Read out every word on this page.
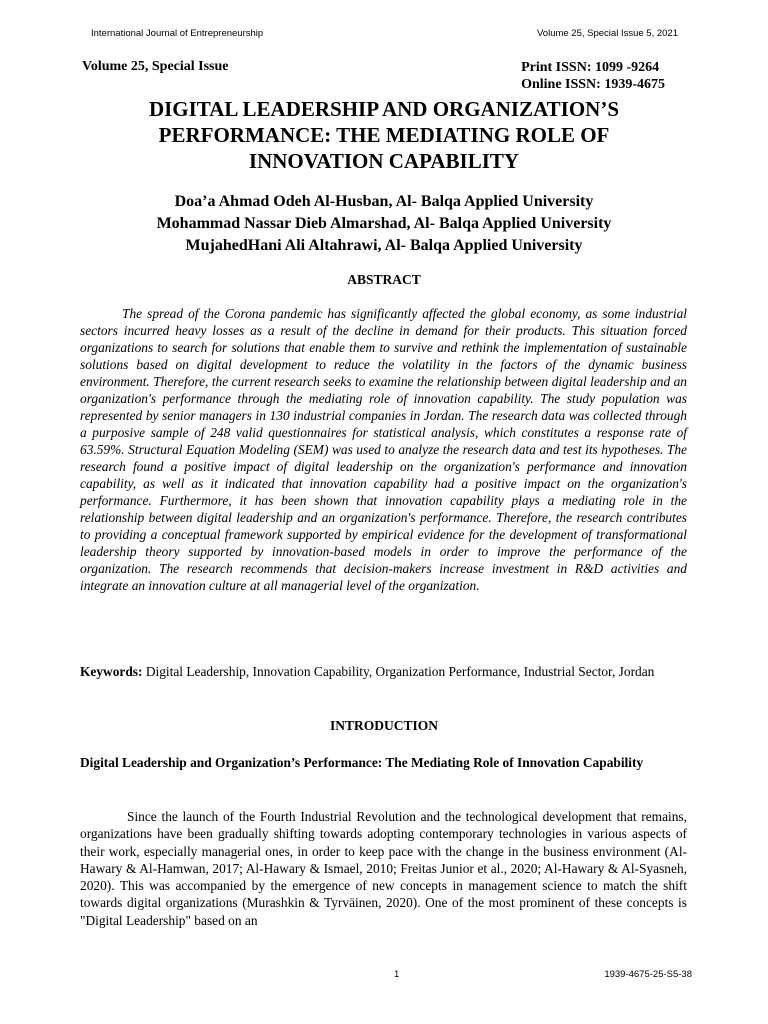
International Journal of Entrepreneurship	Volume 25, Special Issue 5, 2021
Volume 25, Special Issue	Print ISSN: 1099 -9264
Online ISSN: 1939-4675
DIGITAL LEADERSHIP AND ORGANIZATION’S
PERFORMANCE: THE MEDIATING ROLE OF
INNOVATION CAPABILITY
Doa’a Ahmad Odeh Al-Husban, Al- Balqa Applied University
Mohammad Nassar Dieb Almarshad, Al- Balqa Applied University
MujahedHani Ali Altahrawi, Al- Balqa Applied University
ABSTRACT

The spread of the Corona pandemic has significantly affected the global economy, as some industrial sectors incurred heavy losses as a result of the decline in demand for their products. This situation forced organizations to search for solutions that enable them to survive and rethink the implementation of sustainable solutions based on digital development to reduce the volatility in the factors of the dynamic business environment. Therefore, the current research seeks to examine the relationship between digital leadership and an organization's performance through the mediating role of innovation capability. The study population was represented by senior managers in 130 industrial companies in Jordan. The research data was collected through a purposive sample of 248 valid questionnaires for statistical analysis, which constitutes a response rate of 63.59%. Structural Equation Modeling (SEM) was used to analyze the research data and test its hypotheses. The research found a positive impact of digital leadership on the organization's performance and innovation capability, as well as it indicated that innovation capability had a positive impact on the organization's performance. Furthermore, it has been shown that innovation capability plays a mediating role in the relationship between digital leadership and an organization's performance. Therefore, the research contributes to providing a conceptual framework supported by empirical evidence for the development of transformational leadership theory supported by innovation-based models in order to improve the performance of the organization. The research recommends that decision-makers increase investment in R&D activities and integrate an innovation culture at all managerial level of the organization.

Keywords: Digital Leadership, Innovation Capability, Organization Performance, Industrial Sector, Jordan

INTRODUCTION

Digital Leadership and Organization’s Performance: The Mediating Role of Innovation Capability

Since the launch of the Fourth Industrial Revolution and the technological development that remains, organizations have been gradually shifting towards adopting contemporary technologies in various aspects of their work, especially managerial ones, in order to keep pace with the change in the business environment (Al-Hawary & Al-Hamwan, 2017; Al-Hawary & Ismael, 2010; Freitas Junior et al., 2020; Al-Hawary & Al-Syasneh, 2020). This was accompanied by the emergence of new concepts in management science to match the shift towards digital organizations (Murashkin & Tyrväinen, 2020). One of the most prominent of these concepts is "Digital Leadership" based on an

1	1939-4675-25-S5-38
